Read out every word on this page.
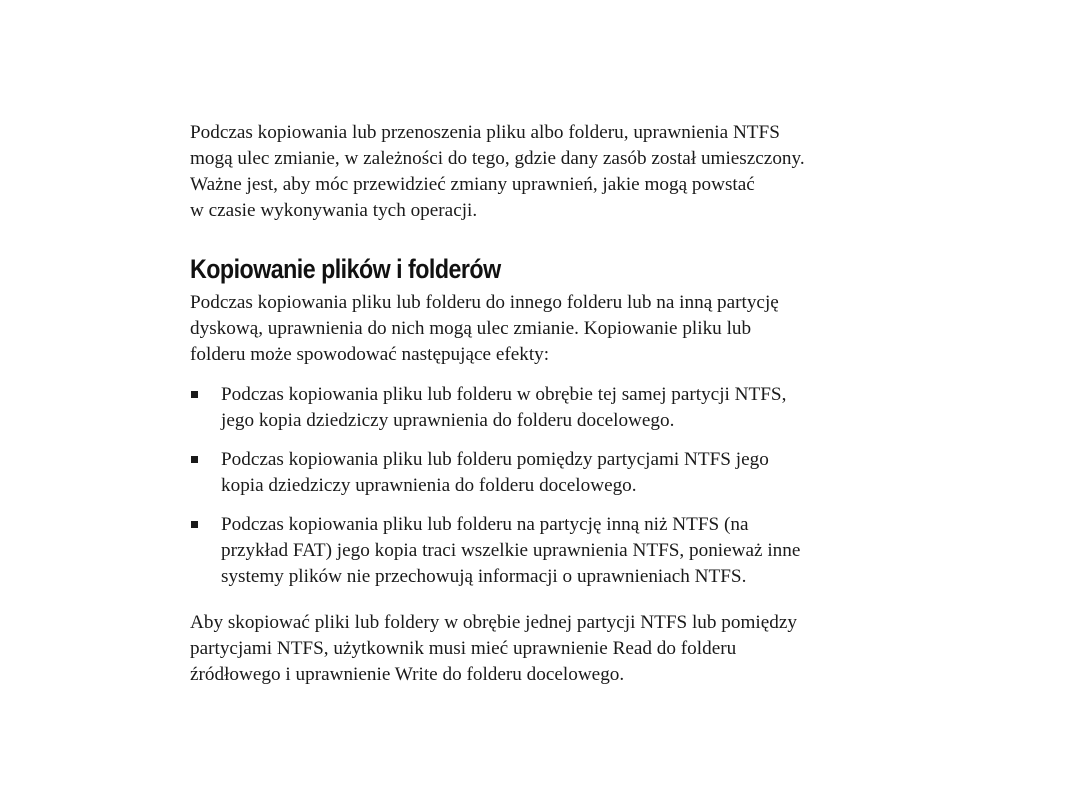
Podczas kopiowania lub przenoszenia pliku albo folderu, uprawnienia NTFS
mogą ulec zmianie, w zależności do tego, gdzie dany zasób został umieszczony.
Ważne jest, aby móc przewidzieć zmiany uprawnień, jakie mogą powstać
w czasie wykonywania tych operacji.

Kopiowanie plików i folderów

Podczas kopiowania pliku lub folderu do innego folderu lub na inną partycję
dyskową, uprawnienia do nich mogą ulec zmianie. Kopiowanie pliku lub
folderu może spowodować następujące efekty:

Podczas kopiowania pliku lub folderu w obrębie tej samej partycji NTFS,
jego kopia dziedziczy uprawnienia do folderu docelowego.
Podczas kopiowania pliku lub folderu pomiędzy partycjami NTFS jego
kopia dziedziczy uprawnienia do folderu docelowego.
Podczas kopiowania pliku lub folderu na partycję inną niż NTFS (na
przykład FAT) jego kopia traci wszelkie uprawnienia NTFS, ponieważ inne
systemy plików nie przechowują informacji o uprawnieniach NTFS.

Aby skopiować pliki lub foldery w obrębie jednej partycji NTFS lub pomiędzy
partycjami NTFS, użytkownik musi mieć uprawnienie Read do folderu
źródłowego i uprawnienie Write do folderu docelowego.
